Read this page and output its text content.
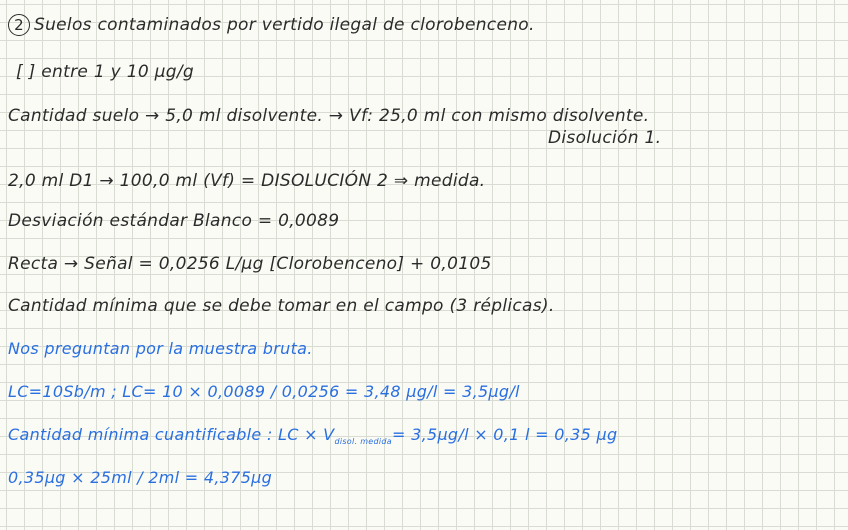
2 Suelos contaminados por vertido ilegal de clorobenceno.
[ ] entre 1 y 10 µg/g
Cantidad suelo → 5,0 ml disolvente. → Vf: 25,0 ml con mismo disolvente.
Disolución 1.
2,0 ml D1 → 100,0 ml (Vf) = DISOLUCIÓN 2 ⇒ medida.
Desviación estándar Blanco = 0,0089
Recta → Señal = 0,0256 L/µg [Clorobenceno] + 0,0105
Cantidad mínima que se debe tomar en el campo (3 réplicas).
Nos preguntan por la muestra bruta.
LC=10Sb/m ; LC= 10 × 0,0089 / 0,0256 = 3,48 µg/l = 3,5µg/l
Cantidad mínima cuantificable : LC × $V_{disol. medida}= 3,5\mu g/l \times 0,1$ l = 0,35 µg
0,35µg × 25ml / 2ml = 4,375µg
